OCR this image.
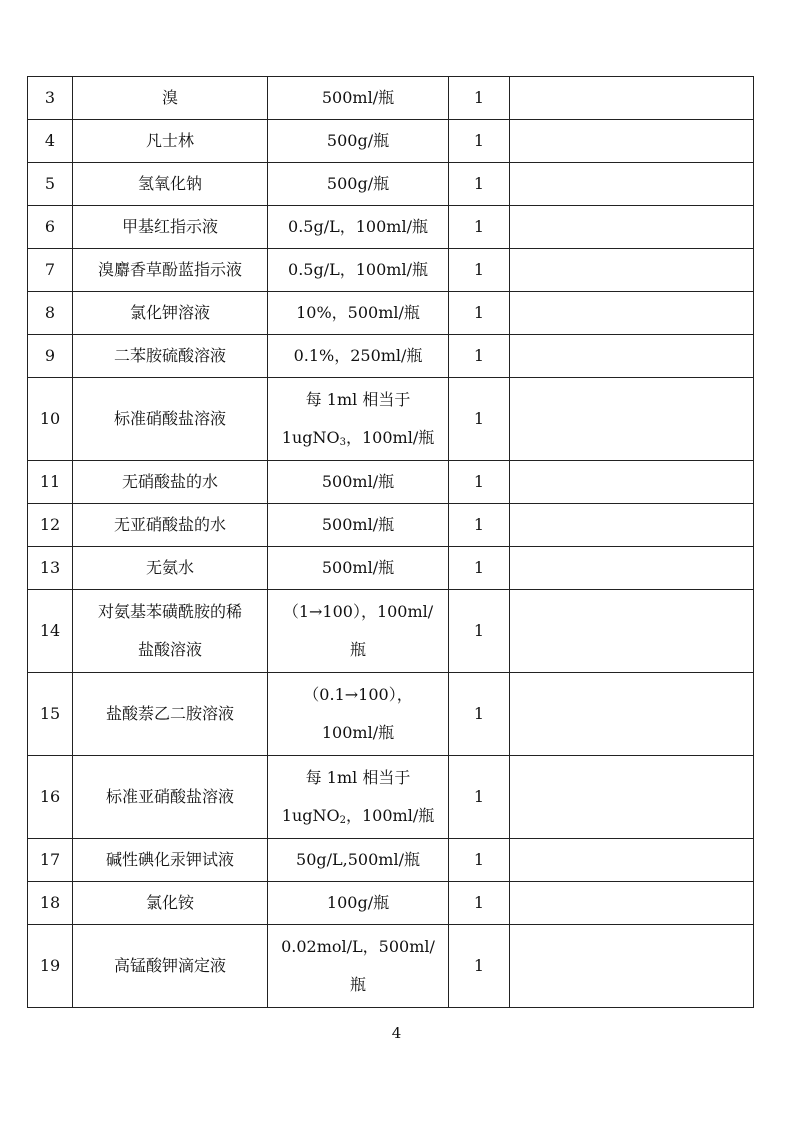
3	溴	500ml/瓶	1	
4	凡士林	500g/瓶	1	
5	氢氧化钠	500g/瓶	1	
6	甲基红指示液	0.5g/L，100ml/瓶	1	
7	溴麝香草酚蓝指示液	0.5g/L，100ml/瓶	1	
8	氯化钾溶液	10%，500ml/瓶	1	
9	二苯胺硫酸溶液	0.1%，250ml/瓶	1	
10	标准硝酸盐溶液	每 1ml 相当于
1ugNO$_3$，100ml/瓶	1	
11	无硝酸盐的水	500ml/瓶	1	
12	无亚硝酸盐的水	500ml/瓶	1	
13	无氨水	500ml/瓶	1	
14	对氨基苯磺酰胺的稀
盐酸溶液	（1→100），100ml/
瓶	1	
15	盐酸萘乙二胺溶液	（0.1→100），
100ml/瓶	1	
16	标准亚硝酸盐溶液	每 1ml 相当于
1ugNO$_2$，100ml/瓶	1	
17	碱性碘化汞钾试液	50g/L,500ml/瓶	1	
18	氯化铵	100g/瓶	1	
19	高锰酸钾滴定液	0.02mol/L，500ml/
瓶	1	
4
